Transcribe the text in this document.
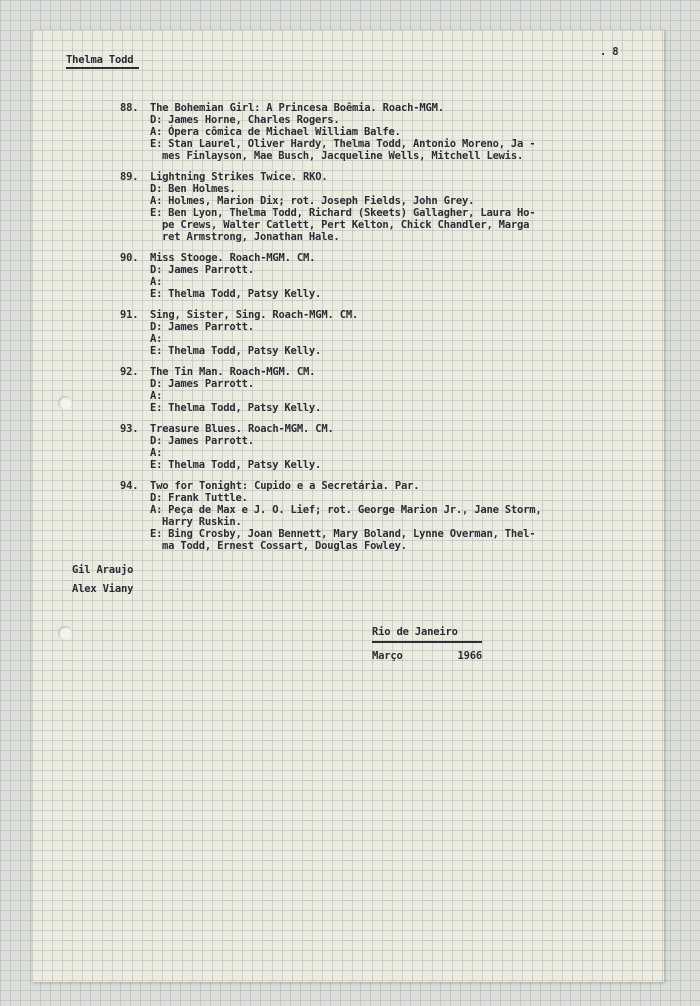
Thelma Todd
. 8
88. The Bohemian Girl: A Princesa Boêmia. Roach-MGM.
D: James Horne, Charles Rogers.
A: Ópera cômica de Michael William Balfe.
E: Stan Laurel, Oliver Hardy, Thelma Todd, Antonio Moreno, Ja -
mes Finlayson, Mae Busch, Jacqueline Wells, Mitchell Lewis.
89. Lightning Strikes Twice. RKO.
D: Ben Holmes.
A: Holmes, Marion Dix; rot. Joseph Fields, John Grey.
E: Ben Lyon, Thelma Todd, Richard (Skeets) Gallagher, Laura Ho-
pe Crews, Walter Catlett, Pert Kelton, Chick Chandler, Marga
ret Armstrong, Jonathan Hale.
90. Miss Stooge. Roach-MGM. CM.
D: James Parrott.
A:
E: Thelma Todd, Patsy Kelly.
91. Sing, Sister, Sing. Roach-MGM. CM.
D: James Parrott.
A:
E: Thelma Todd, Patsy Kelly.
92. The Tin Man. Roach-MGM. CM.
D: James Parrott.
A:
E: Thelma Todd, Patsy Kelly.
93. Treasure Blues. Roach-MGM. CM.
D: James Parrott.
A:
E: Thelma Todd, Patsy Kelly.
94. Two for Tonight: Cupido e a Secretária. Par.
D: Frank Tuttle.
A: Peça de Max e J. O. Lief; rot. George Marion Jr., Jane Storm,
Harry Ruskin.
E: Bing Crosby, Joan Bennett, Mary Boland, Lynne Overman, Thel-
ma Todd, Ernest Cossart, Douglas Fowley.
Gil Araujo
Alex Viany
Rio de Janeiro
Março	1966
